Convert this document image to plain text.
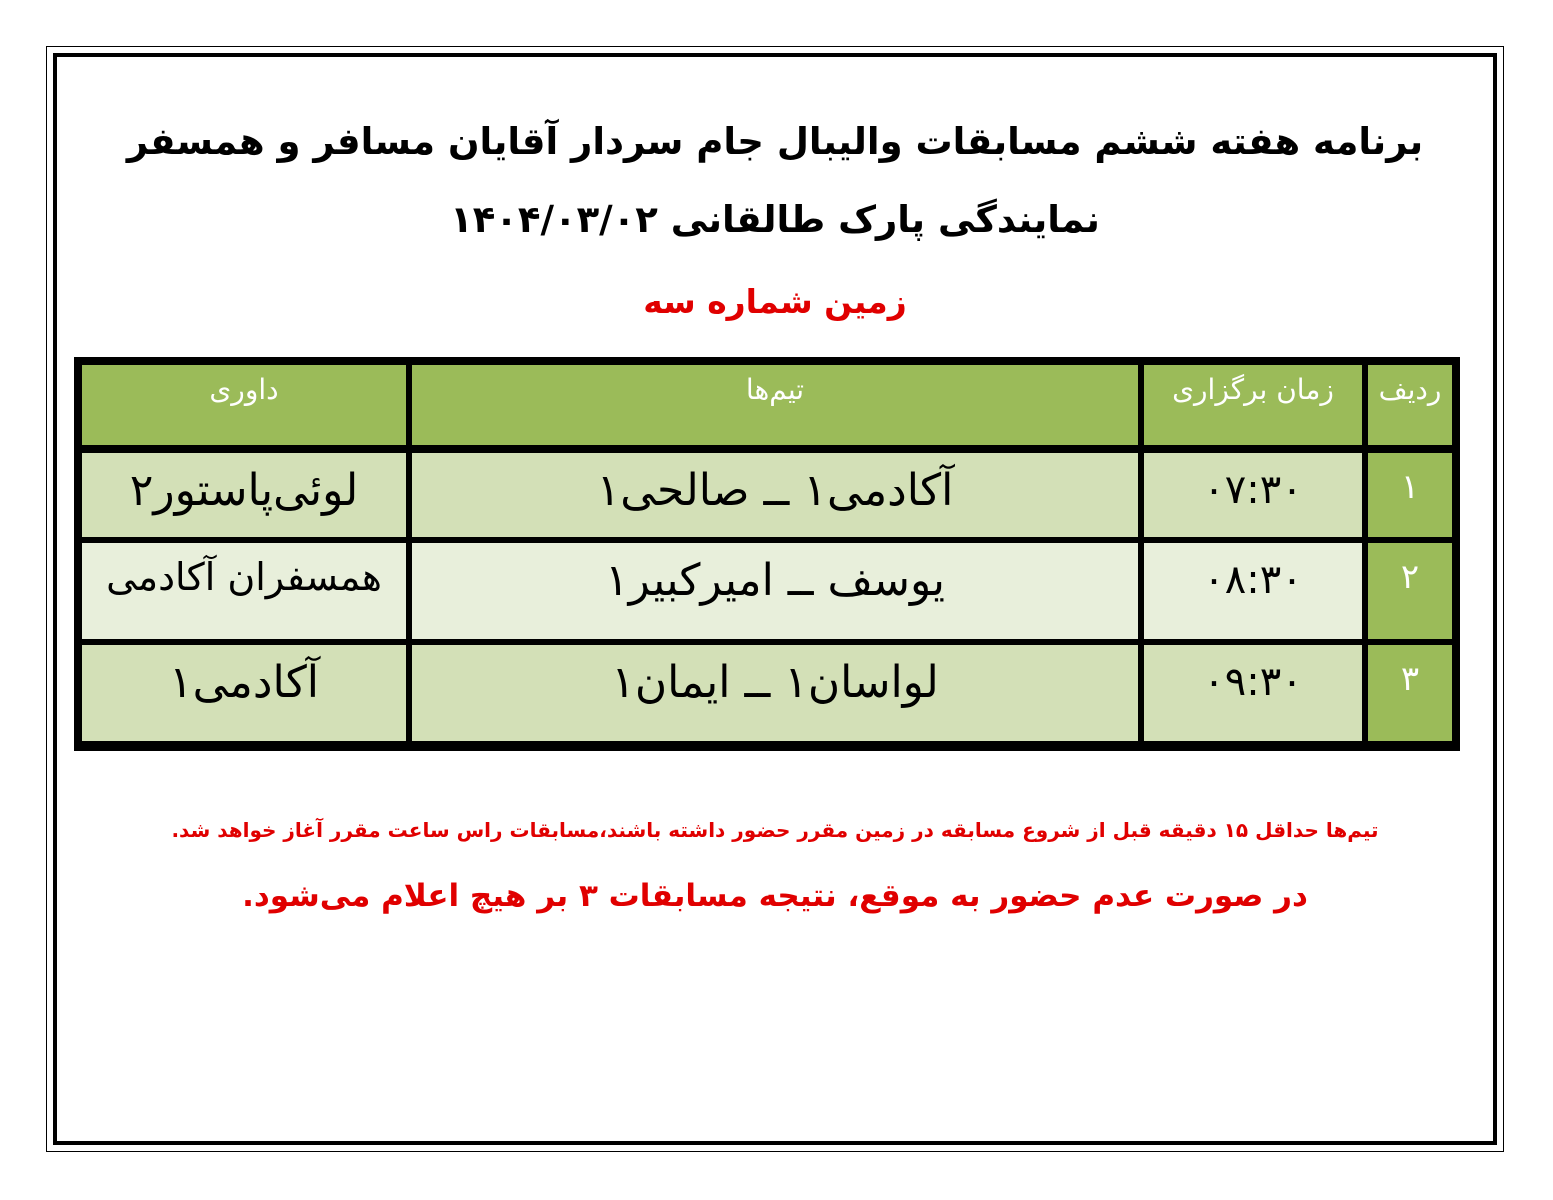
برنامه هفته ششم مسابقات والیبال جام سردار آقایان مسافر و همسفر
نمایندگی پارک طالقانی ۱۴۰۴/۰۳/۰۲
زمین شماره سه
ردیف
زمان برگزاری
تیم‌ها
داوری
۱
۰۷:۳۰
آکادمی۱ ــ صالحی۱
لوئی‌پاستور۲
۲
۰۸:۳۰
یوسف ــ امیرکبیر۱
همسفران آکادمی
۳
۰۹:۳۰
لواسان۱ ــ ایمان۱
آکادمی۱
تیم‌ها حداقل ۱۵ دقیقه قبل از شروع مسابقه در زمین مقرر حضور داشته باشند،مسابقات راس ساعت مقرر آغاز خواهد شد.
در صورت عدم حضور به موقع، نتیجه مسابقات ۳ بر هیچ اعلام می‌شود.
